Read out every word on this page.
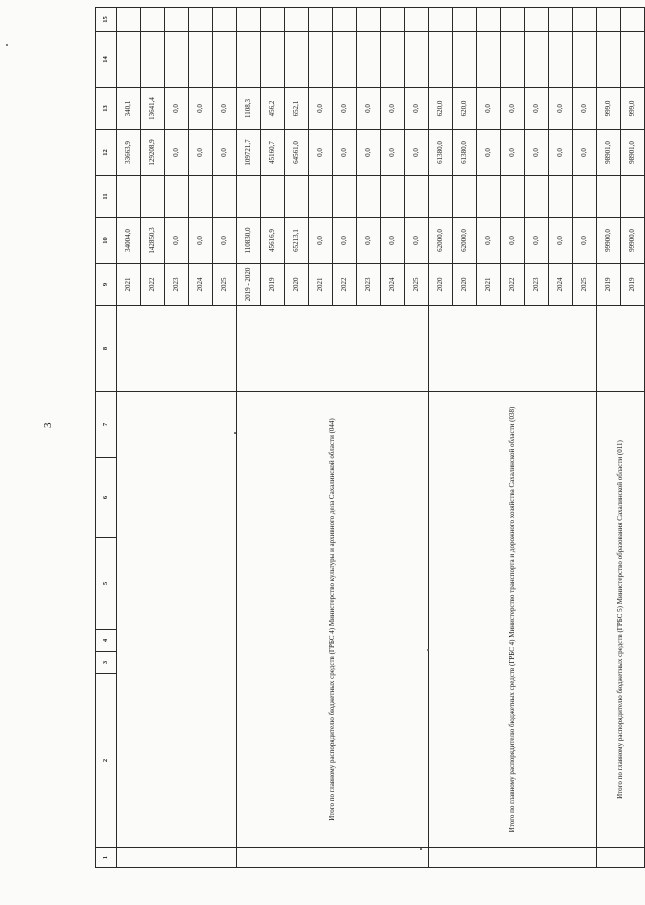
3
1	2	3	4	5	6	7	8	9	10	11	12	13	14	15
								2021	34004,0		33663,9	340,1		
								2022	142850,3		129208,9	13641,4		
								2023	0,0		0,0	0,0		
								2024	0,0		0,0	0,0		
								2025	0,0		0,0	0,0		
	Итого по главному распорядителю бюджетных средств (ГРБС 4) Министерство культуры и архивного дела Сахалинской области (044)							2019 - 2020	110830,0		109721,7	1108,3		
								2019	45616,9		45160,7	456,2		
								2020	65213,1		64561,0	652,1		
								2021	0,0		0,0	0,0		
								2022	0,0		0,0	0,0		
								2023	0,0		0,0	0,0		
								2024	0,0		0,0	0,0		
								2025	0,0		0,0	0,0		
	Итого по главному распорядителю бюджетных средств (ГРБС 4) Министерство транспорта и дорожного хозяйства Сахалинской области (038)							2020	62000,0		61380,0	620,0		
								2020	62000,0		61380,0	620,0		
								2021	0,0		0,0	0,0		
								2022	0,0		0,0	0,0		
								2023	0,0		0,0	0,0		
								2024	0,0		0,0	0,0		
								2025	0,0		0,0	0,0		
	Итого по главному распорядителю бюджетных средств (ГРБС 5) Министерство образования Сахалинской области (011)							2019	99900,0		98901,0	999,0		
								2019	99900,0		98901,0	999,0		
